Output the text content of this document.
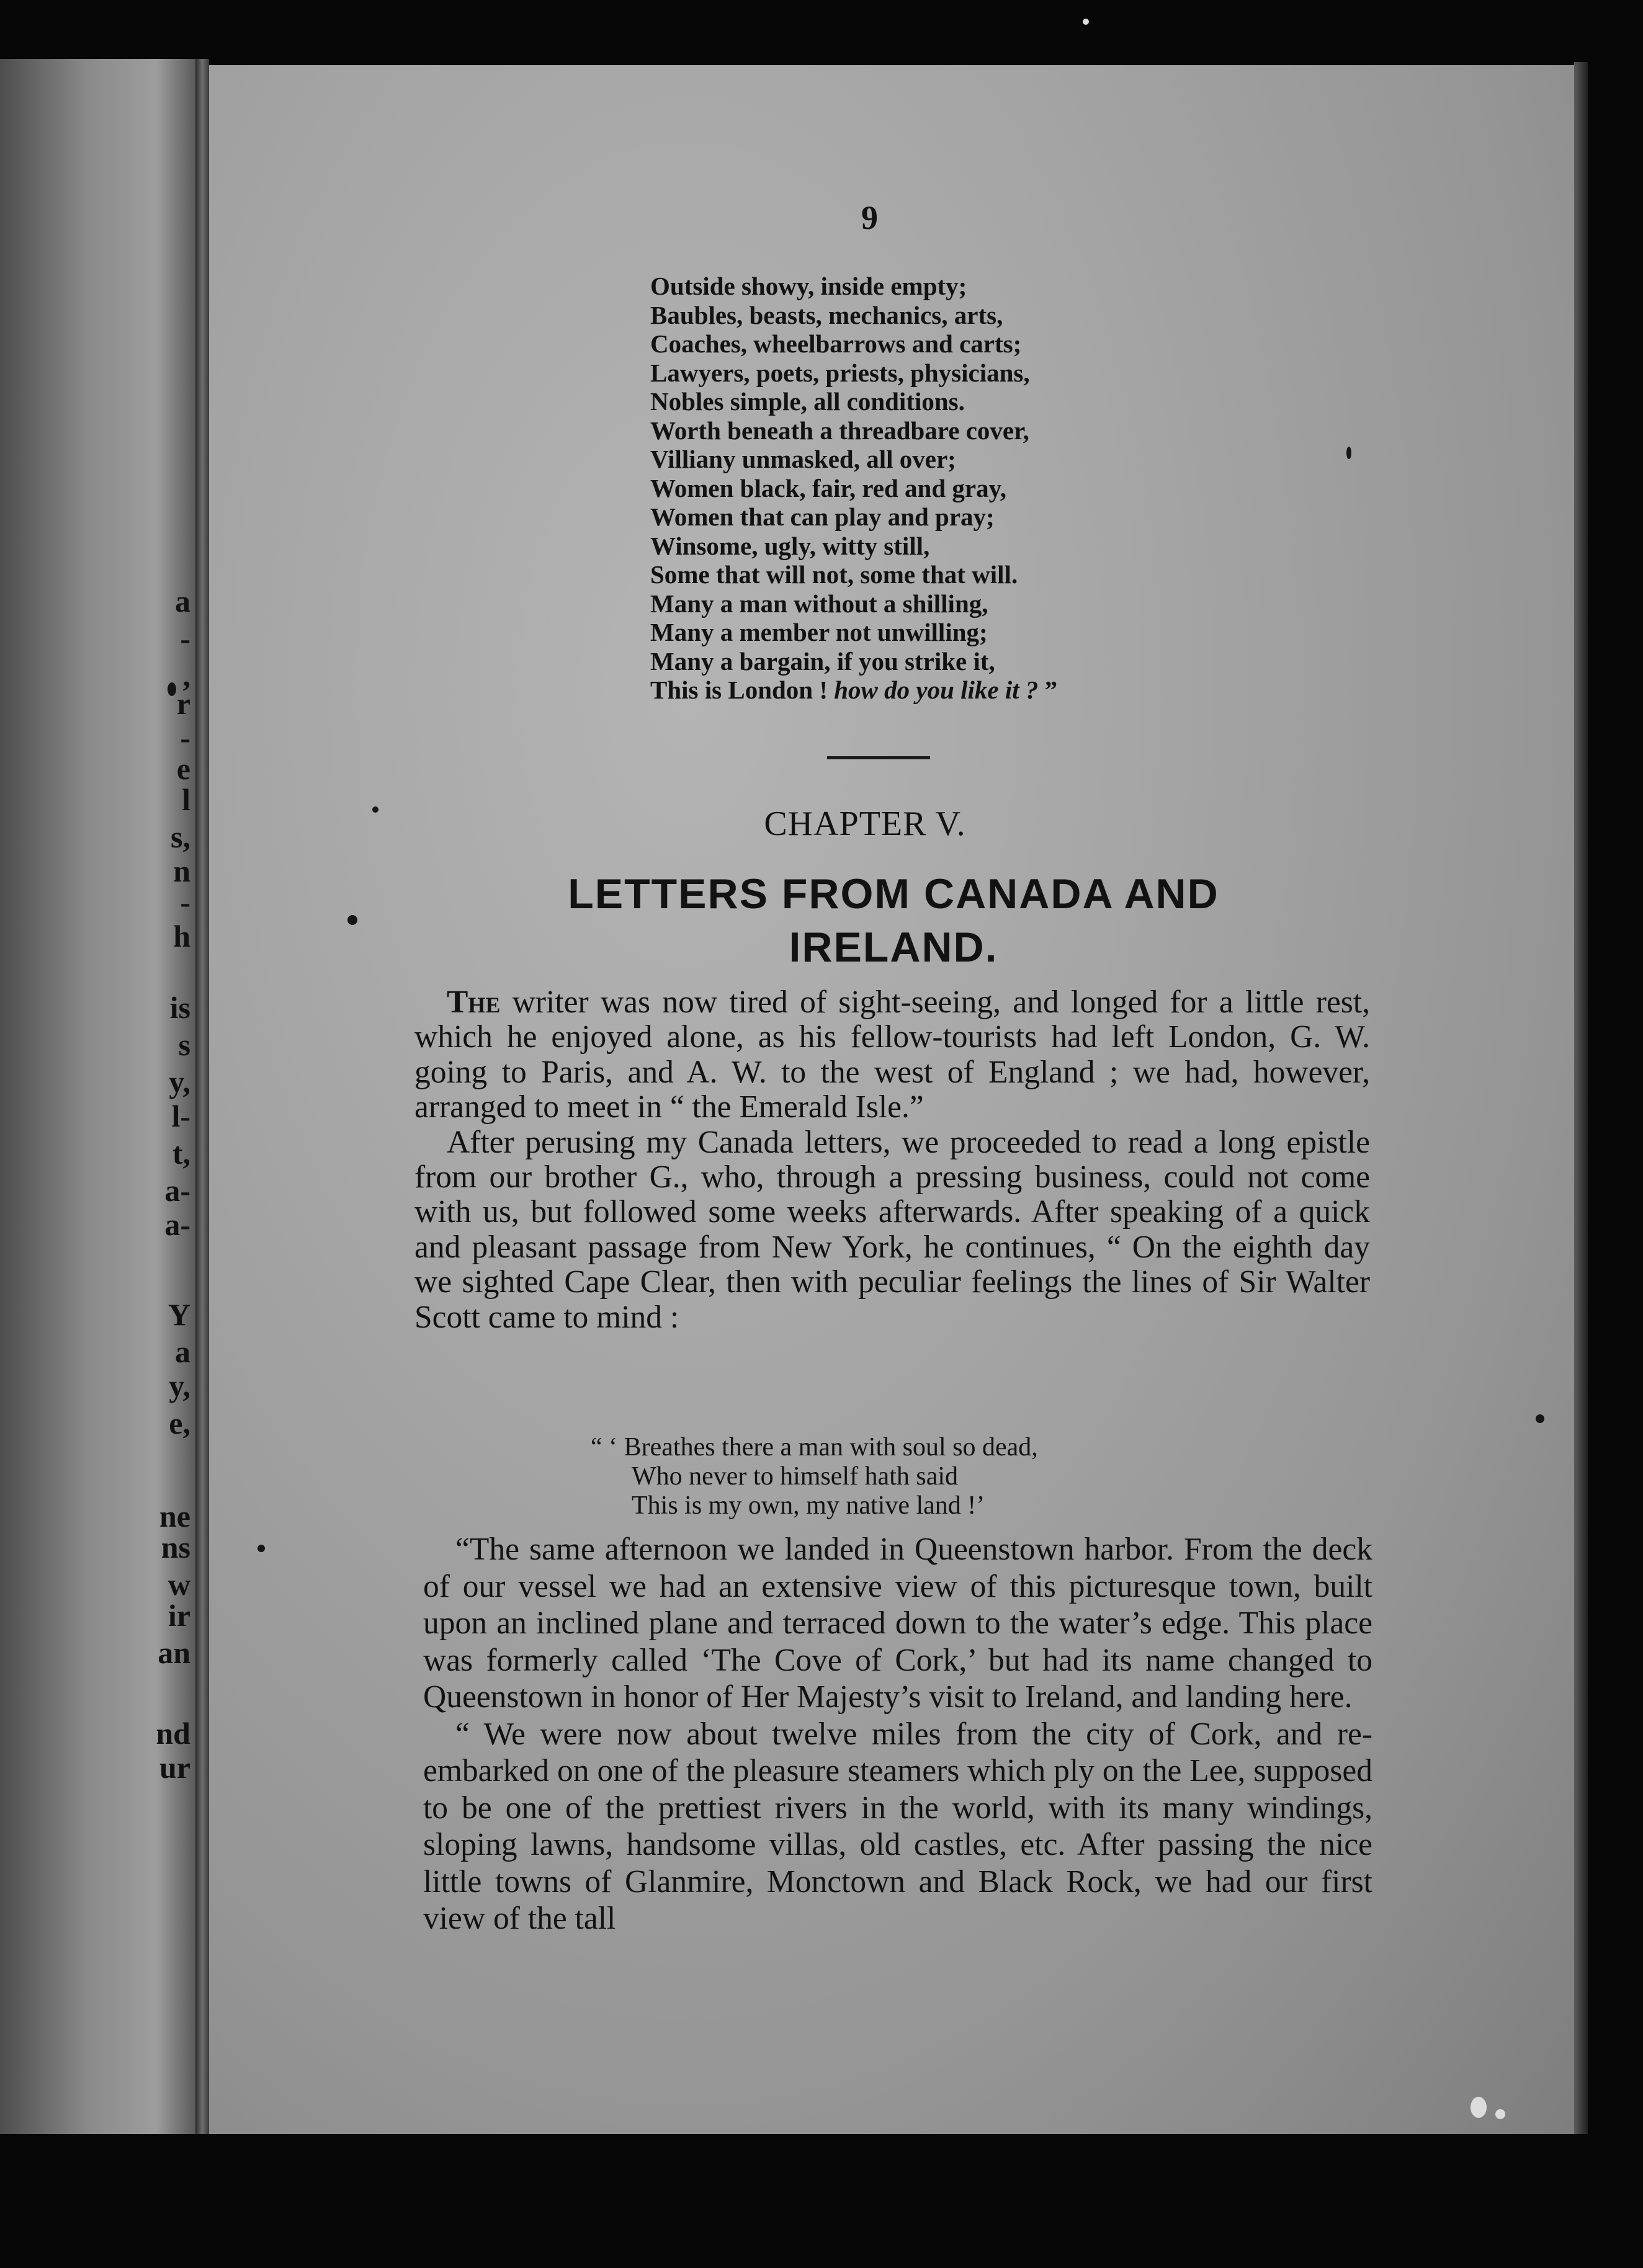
a
-
,
r
-
e
l
s,
n
-
h
is
s
y,
l-
t,
a-
a-
Y
a
y,
e,
ne
ns
w
ir
an
nd
ur
9
Outside showy, inside empty;
Baubles, beasts, mechanics, arts,
Coaches, wheelbarrows and carts;
Lawyers, poets, priests, physicians,
Nobles simple, all conditions.
Worth beneath a threadbare cover,
Villiany unmasked, all over;
Women black, fair, red and gray,
Women that can play and pray;
Winsome, ugly, witty still,
Some that will not, some that will.
Many a man without a shilling,
Many a member not unwilling;
Many a bargain, if you strike it,
This is London ! how do you like it ? ”
CHAPTER V.
LETTERS FROM CANADA AND
IRELAND.

The writer was now tired of sight-seeing, and longed for a little rest, which he enjoyed alone, as his fellow-tourists had left London, G. W. going to Paris, and A. W. to the west of England ; we had, however, arranged to meet in “ the Emerald Isle.”

After perusing my Canada letters, we proceeded to read a long epistle from our brother G., who, through a pressing business, could not come with us, but followed some weeks afterwards. After speaking of a quick and pleasant passage from New York, he continues, “ On the eighth day we sighted Cape Clear, then with peculiar feelings the lines of Sir Walter Scott came to mind :

“ ‘ Breathes there a man with soul so dead,
Who never to himself hath said
This is my own, my native land !’

“The same afternoon we landed in Queenstown harbor. From the deck of our vessel we had an extensive view of this picturesque town, built upon an inclined plane and terraced down to the water’s edge. This place was formerly called ‘The Cove of Cork,’ but had its name changed to Queenstown in honor of Her Majesty’s visit to Ireland, and landing here.

“ We were now about twelve miles from the city of Cork, and re-embarked on one of the pleasure steamers which ply on the Lee, supposed to be one of the prettiest rivers in the world, with its many windings, sloping lawns, handsome villas, old castles, etc. After passing the nice little towns of Glanmire, Monctown and Black Rock, we had our first view of the tall
